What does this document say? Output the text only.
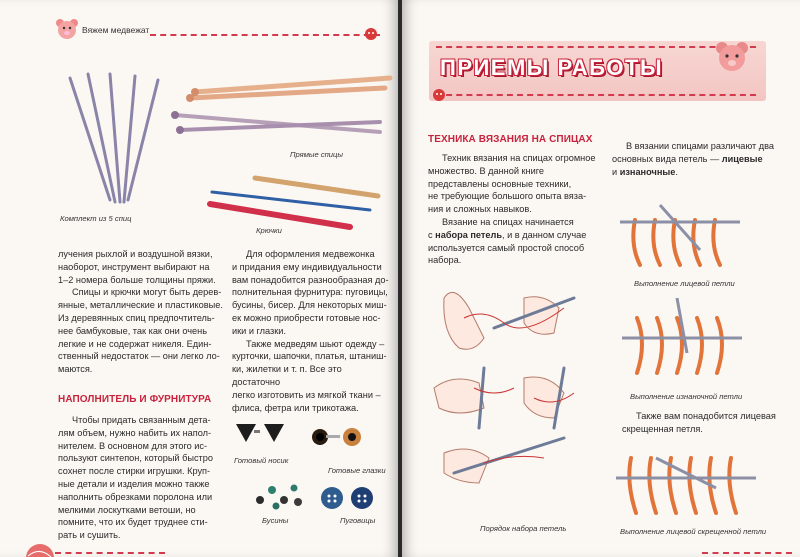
Вяжем медвежат
Комплект из 5 спиц
Прямые спицы
Крючки
лучения рыхлой и воздушной вязки,
наоборот, инструмент выбирают на
1–2 номера больше толщины пряжи.
Спицы и крючки могут быть дерев-
янные, металлические и пластиковые.
Из деревянных спиц предпочтитель-
нее бамбуковые, так как они очень
легкие и не содержат никеля. Един-
ственный недостаток — они легко ло-
маются.
НАПОЛНИТЕЛЬ И ФУРНИТУРА
Чтобы придать связанным дета-
лям объем, нужно набить их напол-
нителем. В основном для этого ис-
пользуют синтепон, который быстро
сохнет после стирки игрушки. Круп-
ные детали и изделия можно также
наполнить обрезками поролона или
мелкими лоскутками ветоши, но
помните, что их будет труднее сти-
рать и сушить.
Для оформления медвежонка
и придания ему индивидуальности
вам понадобится разнообразная до-
полнительная фурнитура: пуговицы,
бусины, бисер. Для некоторых миш-
ек можно приобрести готовые нос-
ики и глазки.
Также медведям шьют одежду –
курточки, шапочки, платья, штаниш-
ки, жилетки и т. п. Все это достаточно
легко изготовить из мягкой ткани –
флиса, фетра или трикотажа.
Готовый носик
Готовые глазки
Бусины	Пуговицы
ПРИЕМЫ РАБОТЫ
ТЕХНИКА ВЯЗАНИЯ НА СПИЦАХ
Техник вязания на спицах огромное
множество. В данной книге
представлены основные техники,
не требующие большого опыта вяза-
ния и сложных навыков.
Вязание на спицах начинается
с набора петель, и в данном случае
используется самый простой способ
набора.
В вязании спицами различают два
основных вида петель — лицевые
и изнаночные.
Порядок набора петель
Выполнение лицевой петли
Выполнение изнаночной петли
Также вам понадобится лицевая
скрещенная петля.
Выполнение лицевой скрещенной петли
